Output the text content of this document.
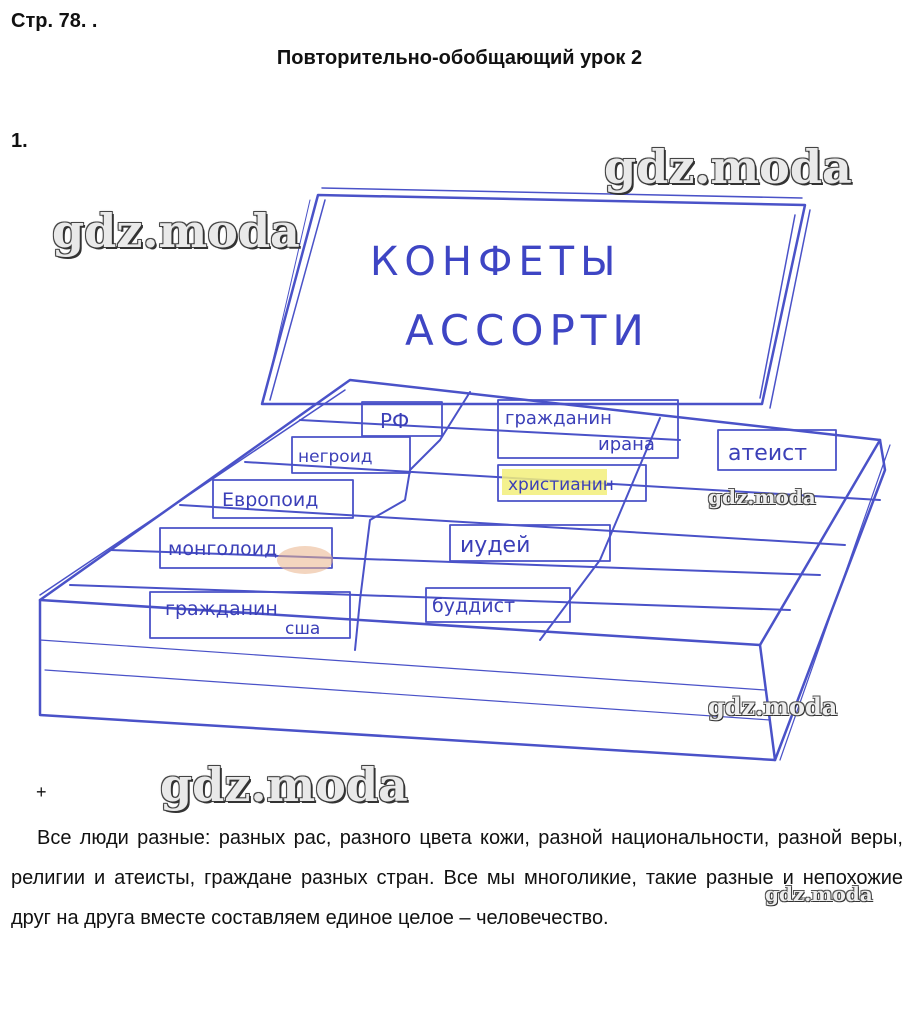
Стр. 78. .
Повторительно-обобщающий урок 2
1.
КОНФЕТЫ
АССОРТИ
РФ	гражданин
ирана	атеист
негроид
христианин
Европоид
монголоид	иудей
гражданин
сша
буддист
gdz.moda
gdz.moda
gdz.moda
gdz.moda
gdz.moda
gdz.moda
+
Все люди разные: разных рас, разного цвета кожи, разной национальности, разной веры, религии и атеисты, граждане разных стран. Все мы многоликие, такие разные и непохожие друг на друга вместе составляем единое целое – человечество.
